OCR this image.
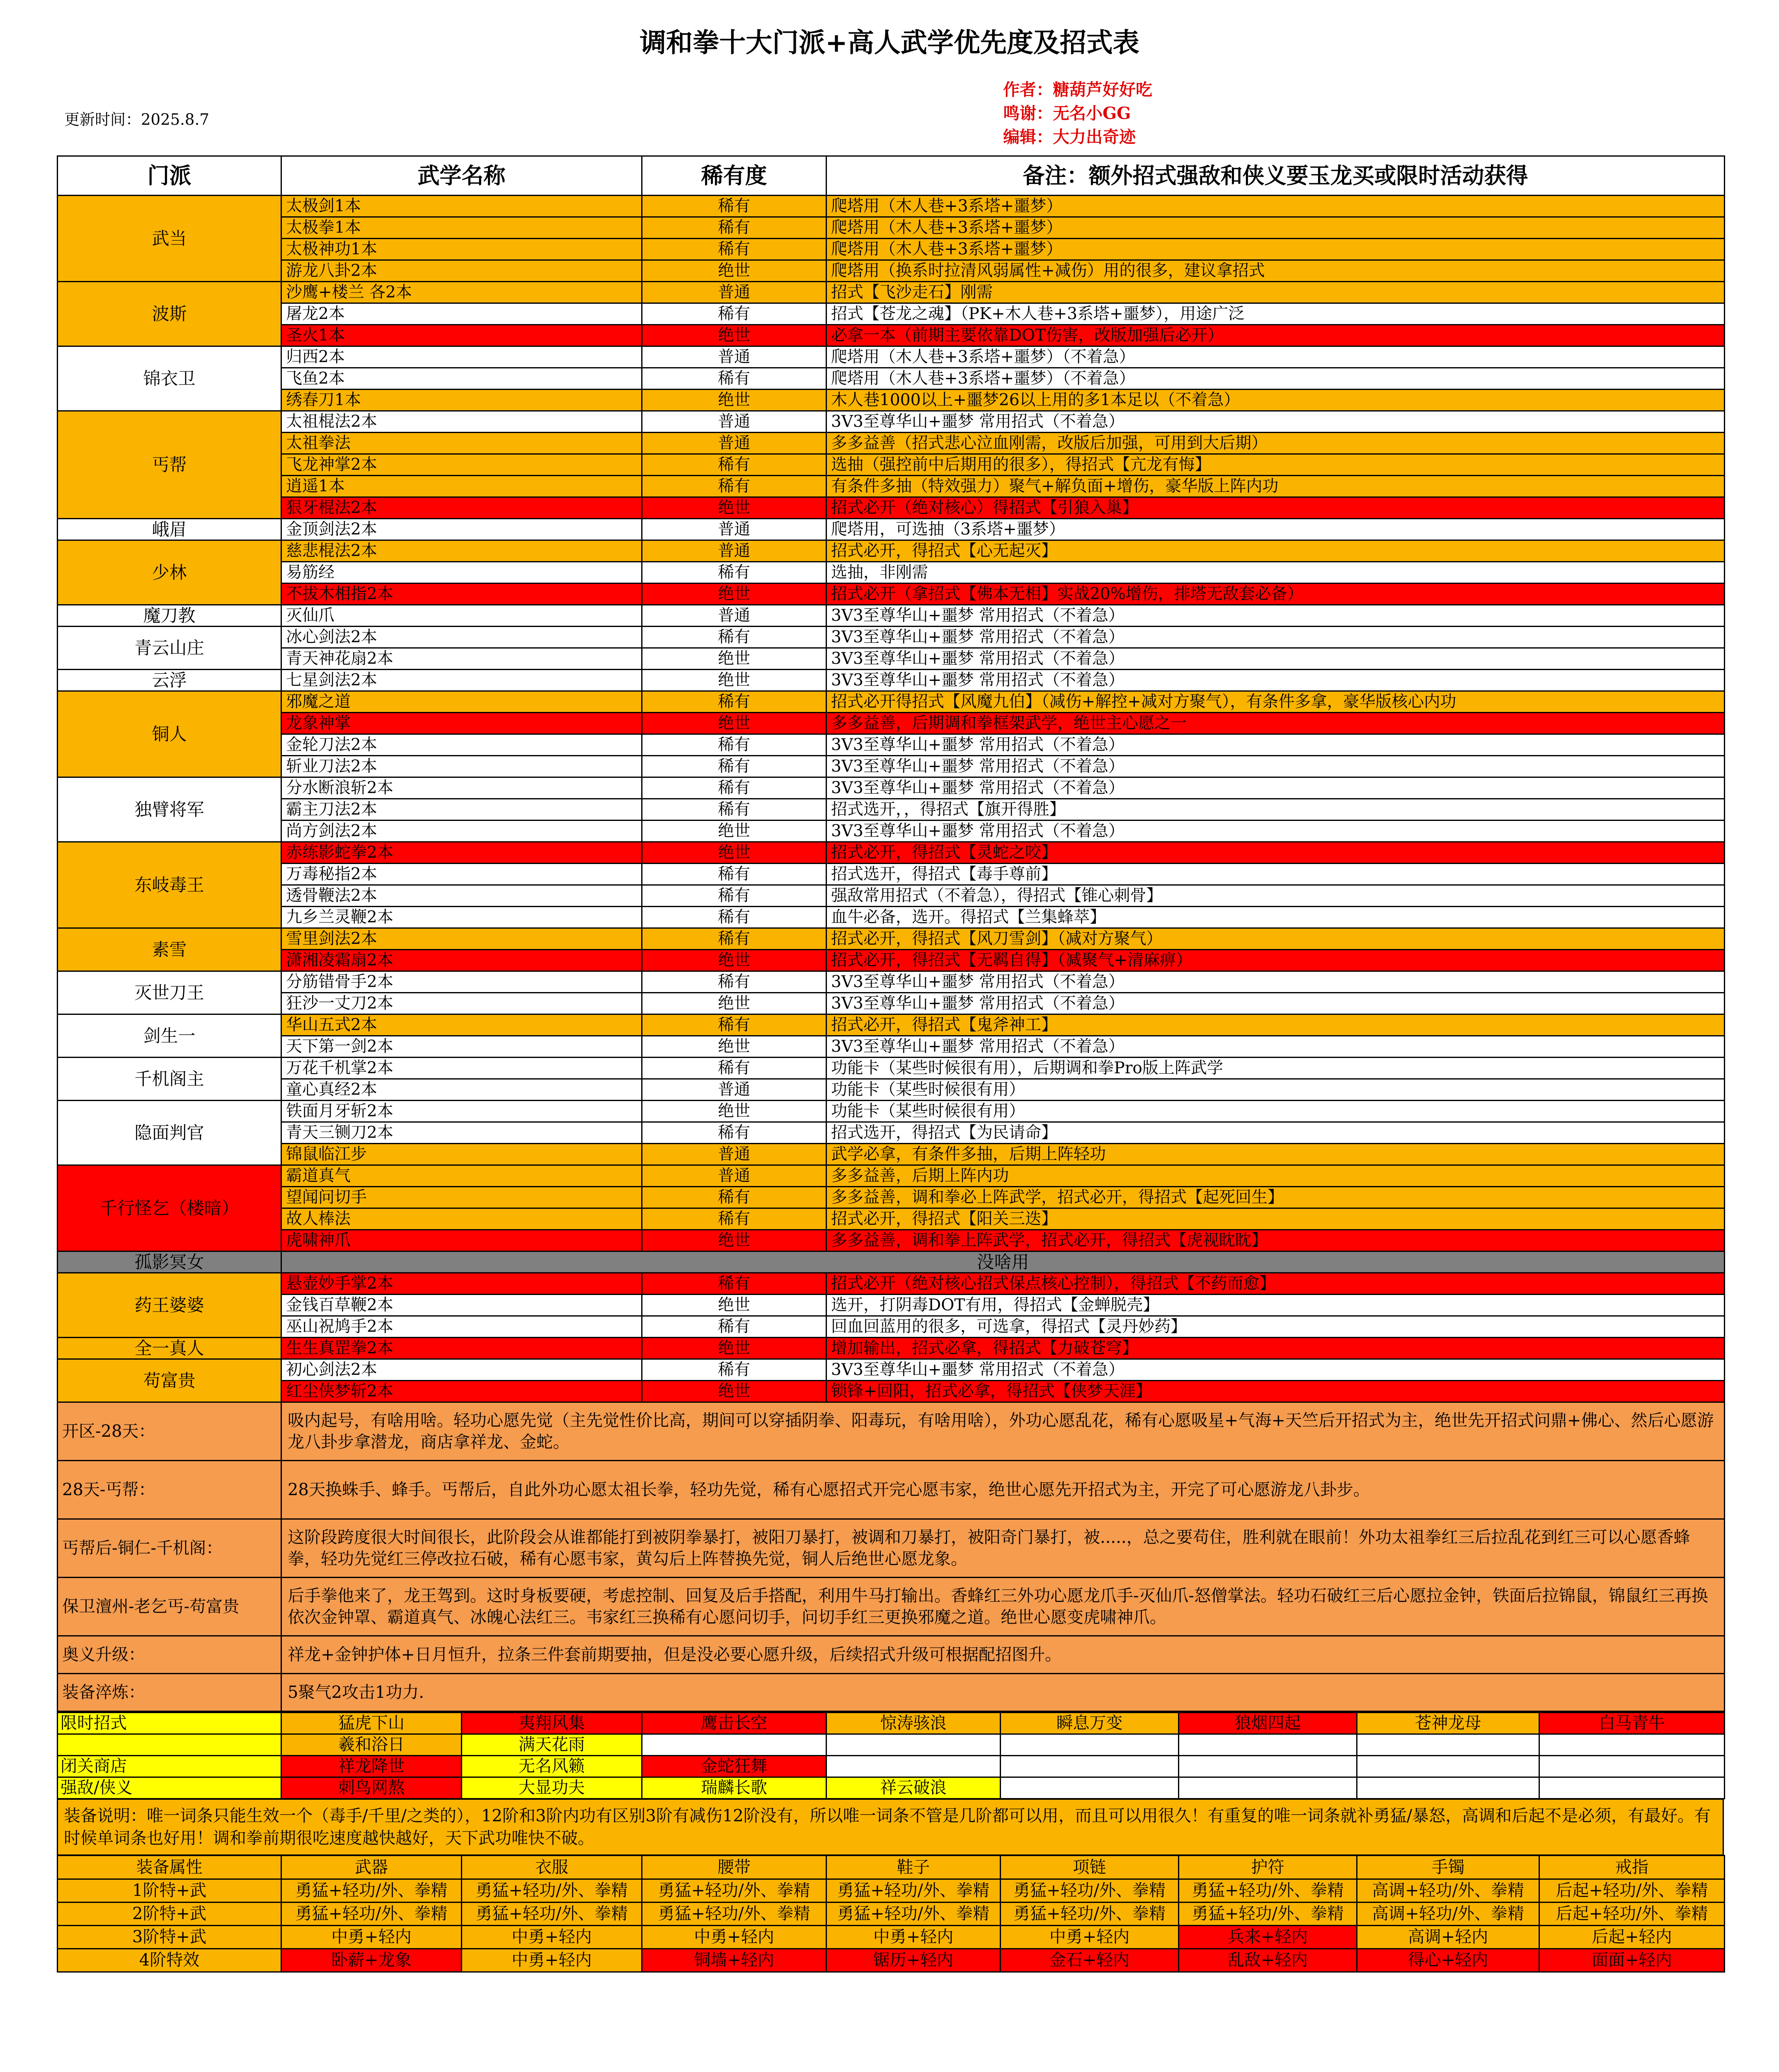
调和拳十大门派+高人武学优先度及招式表
更新时间：2025.8.7
作者：糖葫芦好好吃
鸣谢：无名小GG
编辑：大力出奇迹
门派	武学名称	稀有度	备注：额外招式强敌和侠义要玉龙买或限时活动获得
武当	太极剑1本	稀有	爬塔用（木人巷+3系塔+噩梦）
	太极拳1本	稀有	爬塔用（木人巷+3系塔+噩梦）
	太极神功1本	稀有	爬塔用（木人巷+3系塔+噩梦）
	游龙八卦2本	绝世	爬塔用（换系时拉清风弱属性+减伤）用的很多，建议拿招式
波斯	沙鹰+楼兰 各2本	普通	招式【飞沙走石】刚需
	屠龙2本	稀有	招式【苍龙之魂】（PK+木人巷+3系塔+噩梦），用途广泛
	圣火1本	绝世	必拿一本（前期主要依靠DOT伤害，改版加强后必开）
锦衣卫	归西2本	普通	爬塔用（木人巷+3系塔+噩梦）（不着急）
	飞鱼2本	稀有	爬塔用（木人巷+3系塔+噩梦）（不着急）
	绣春刀1本	绝世	木人巷1000以上+噩梦26以上用的多1本足以（不着急）
丐帮	太祖棍法2本	普通	3V3至尊华山+噩梦 常用招式（不着急）
	太祖拳法	普通	多多益善（招式悲心泣血刚需，改版后加强，可用到大后期）
	飞龙神掌2本	稀有	选抽（强控前中后期用的很多），得招式【亢龙有悔】
	逍遥1本	稀有	有条件多抽（特效强力）聚气+解负面+增伤，豪华版上阵内功
	狠牙棍法2本	绝世	招式必开（绝对核心）得招式【引狼入巢】
峨眉	金顶剑法2本	普通	爬塔用，可选抽（3系塔+噩梦）
少林	慈悲棍法2本	普通	招式必开，得招式【心无起灭】
	易筋经	稀有	选抽，非刚需
	不拔木相指2本	绝世	招式必开（拿招式【佛本无相】实战20%增伤，排塔无敌套必备）
魔刀教	灭仙爪	普通	3V3至尊华山+噩梦 常用招式（不着急）
青云山庄	冰心剑法2本	稀有	3V3至尊华山+噩梦 常用招式（不着急）
	青天神花扇2本	绝世	3V3至尊华山+噩梦 常用招式（不着急）
云浮	七星剑法2本	绝世	3V3至尊华山+噩梦 常用招式（不着急）
铜人	邪魔之道	稀有	招式必开得招式【风魔九伯】（减伤+解控+减对方聚气），有条件多拿，豪华版核心内功
	龙象神掌	绝世	多多益善，后期调和拳框架武学，绝世主心愿之一
	金轮刀法2本	稀有	3V3至尊华山+噩梦 常用招式（不着急）
	斩业刀法2本	稀有	3V3至尊华山+噩梦 常用招式（不着急）
独臂将军	分水断浪斩2本	稀有	3V3至尊华山+噩梦 常用招式（不着急）
	霸主刀法2本	稀有	招式选开，，得招式【旗开得胜】
	尚方剑法2本	绝世	3V3至尊华山+噩梦 常用招式（不着急）
东岐毒王	赤练影蛇拳2本	绝世	招式必开，得招式【灵蛇之咬】
	万毒秘指2本	稀有	招式选开，得招式【毒手尊前】
	透骨鞭法2本	稀有	强敌常用招式（不着急），得招式【锥心刺骨】
	九乡兰灵鞭2本	稀有	血牛必备，选开。得招式【兰集蜂萃】
素雪	雪里剑法2本	稀有	招式必开，得招式【风刀雪剑】（减对方聚气）
	潇湘凌霜扇2本	绝世	招式必开，得招式【无羁自得】（减聚气+清麻痹）
灭世刀王	分筋错骨手2本	稀有	3V3至尊华山+噩梦 常用招式（不着急）
	狂沙一丈刀2本	绝世	3V3至尊华山+噩梦 常用招式（不着急）
剑生一	华山五式2本	稀有	招式必开，得招式【鬼斧神工】
	天下第一剑2本	绝世	3V3至尊华山+噩梦 常用招式（不着急）
千机阁主	万花千机掌2本	稀有	功能卡（某些时候很有用），后期调和拳Pro版上阵武学
	童心真经2本	普通	功能卡（某些时候很有用）
隐面判官	铁面月牙斩2本	绝世	功能卡（某些时候很有用）
	青天三铡刀2本	稀有	招式选开，得招式【为民请命】
	锦鼠临江步	普通	武学必拿，有条件多抽，后期上阵轻功
千行怪乞（楼暗）	霸道真气	普通	多多益善，后期上阵内功
	望闻问切手	稀有	多多益善，调和拳必上阵武学，招式必开，得招式【起死回生】
	故人棒法	稀有	招式必开，得招式【阳关三迭】
	虎啸神爪	绝世	多多益善，调和拳上阵武学，招式必开，得招式【虎视眈眈】
孤影冥女	没啥用		
药王婆婆	悬壶妙手掌2本	稀有	招式必开（绝对核心招式保点核心控制），得招式【不药而愈】
	金钱百草鞭2本	绝世	选开，打阴毒DOT有用，得招式【金蝉脱壳】
	巫山祝鸠手2本	稀有	回血回蓝用的很多，可选拿，得招式【灵丹妙药】
全一真人	生生真罡拳2本	绝世	增加输出，招式必拿，得招式【力破苍穹】
苟富贵	初心剑法2本	稀有	3V3至尊华山+噩梦 常用招式（不着急）
	红尘侠梦斩2本	绝世	锁锋+回阳，招式必拿，得招式【侠梦天涯】
开区-28天：	吸内起号，有啥用啥。轻功心愿先觉（主先觉性价比高，期间可以穿插阴拳、阳毒玩，有啥用啥），外功心愿乱花，稀有心愿吸星+气海+天竺后开招式为主，绝世先开招式问鼎+佛心、然后心愿游龙八卦步拿潜龙，商店拿祥龙、金蛇。		
28天-丐帮：	28天换蛛手、蜂手。丐帮后，自此外功心愿太祖长拳，轻功先觉，稀有心愿招式开完心愿韦家，绝世心愿先开招式为主，开完了可心愿游龙八卦步。		
丐帮后-铜仁-千机阁：	这阶段跨度很大时间很长，此阶段会从谁都能打到被阴拳暴打，被阳刀暴打，被调和刀暴打，被阳奇门暴打，被.....，总之要苟住，胜利就在眼前！外功太祖拳红三后拉乱花到红三可以心愿香蜂拳，轻功先觉红三停改拉石破，稀有心愿韦家，黄勾后上阵替换先觉，铜人后绝世心愿龙象。		
保卫澶州-老乞丐-苟富贵	后手拳他来了，龙王驾到。这时身板要硬，考虑控制、回复及后手搭配，利用牛马打输出。香蜂红三外功心愿龙爪手-灭仙爪-怒僧掌法。轻功石破红三后心愿拉金钟，铁面后拉锦鼠，锦鼠红三再换依次金钟罩、霸道真气、冰魄心法红三。韦家红三换稀有心愿问切手，问切手红三更换邪魔之道。绝世心愿变虎啸神爪。		
奥义升级：	祥龙+金钟护体+日月恒升，拉条三件套前期要抽，但是没必要心愿升级，后续招式升级可根据配招图升。		
装备淬炼：	5聚气2攻击1功力.		
装备说明：唯一词条只能生效一个（毒手/千里/之类的），12阶和3阶内功有区别3阶有减伤12阶没有，所以唯一词条不管是几阶都可以用，而且可以用很久！有重复的唯一词条就补勇猛/暴怒，高调和后起不是必须，有最好。有时候单词条也好用！调和拳前期很吃速度越快越好，天下武功唯快不破。
限时招式	猛虎下山	夷翔风集	鹰击长空	惊涛骇浪	瞬息万变	狼烟四起	苍神龙母	白马青牛
	羲和浴日	满天花雨						
闭关商店	祥龙降世	无名风籁	金蛇狂舞					
强敌/侠义	刺鸟网熬	大显功夫	瑞麟长歌	祥云破浪				
装备属性	武器	衣服	腰带	鞋子	项链	护符	手镯	戒指
1阶特+武	勇猛+轻功/外、拳精	勇猛+轻功/外、拳精	勇猛+轻功/外、拳精	勇猛+轻功/外、拳精	勇猛+轻功/外、拳精	勇猛+轻功/外、拳精	高调+轻功/外、拳精	后起+轻功/外、拳精
2阶特+武	勇猛+轻功/外、拳精	勇猛+轻功/外、拳精	勇猛+轻功/外、拳精	勇猛+轻功/外、拳精	勇猛+轻功/外、拳精	勇猛+轻功/外、拳精	高调+轻功/外、拳精	后起+轻功/外、拳精
3阶特+武	中勇+轻内	中勇+轻内	中勇+轻内	中勇+轻内	中勇+轻内	兵来+轻内	高调+轻内	后起+轻内
4阶特效	卧薪+龙象	中勇+轻内	铜墙+轻内	锯历+轻内	金石+轻内	乱敌+轻内	得心+轻内	面面+轻内
